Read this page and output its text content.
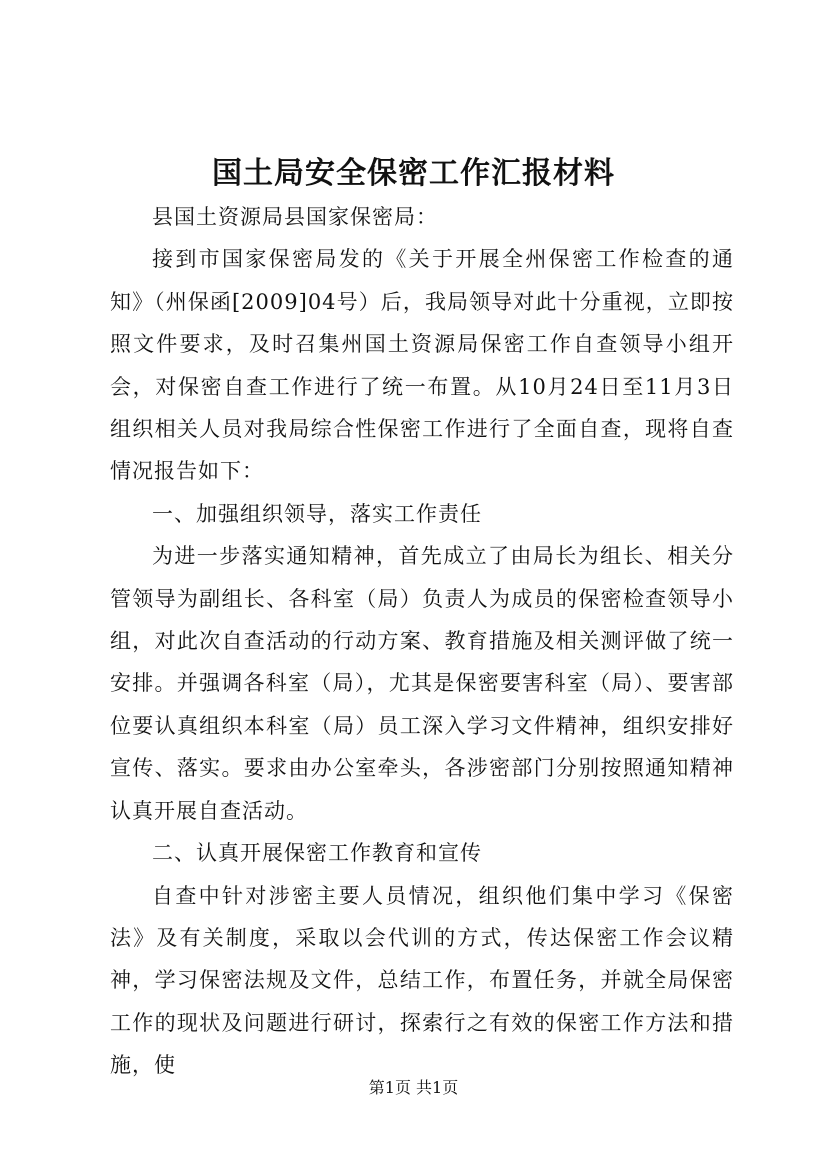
国土局安全保密工作汇报材料

县国土资源局县国家保密局：

接到市国家保密局发的《关于开展全州保密工作检查的通知》（州保函[2009]04号）后，我局领导对此十分重视，立即按照文件要求，及时召集州国土资源局保密工作自查领导小组开会，对保密自查工作进行了统一布置。从10月24日至11月3日组织相关人员对我局综合性保密工作进行了全面自查，现将自查情况报告如下：

一、加强组织领导，落实工作责任

为进一步落实通知精神，首先成立了由局长为组长、相关分管领导为副组长、各科室（局）负责人为成员的保密检查领导小组，对此次自查活动的行动方案、教育措施及相关测评做了统一安排。并强调各科室（局），尤其是保密要害科室（局）、要害部位要认真组织本科室（局）员工深入学习文件精神，组织安排好宣传、落实。要求由办公室牵头，各涉密部门分别按照通知精神认真开展自查活动。

二、认真开展保密工作教育和宣传

自查中针对涉密主要人员情况，组织他们集中学习《保密法》及有关制度，采取以会代训的方式，传达保密工作会议精神，学习保密法规及文件，总结工作，布置任务，并就全局保密工作的现状及问题进行研讨，探索行之有效的保密工作方法和措施，使

第1页 共1页
